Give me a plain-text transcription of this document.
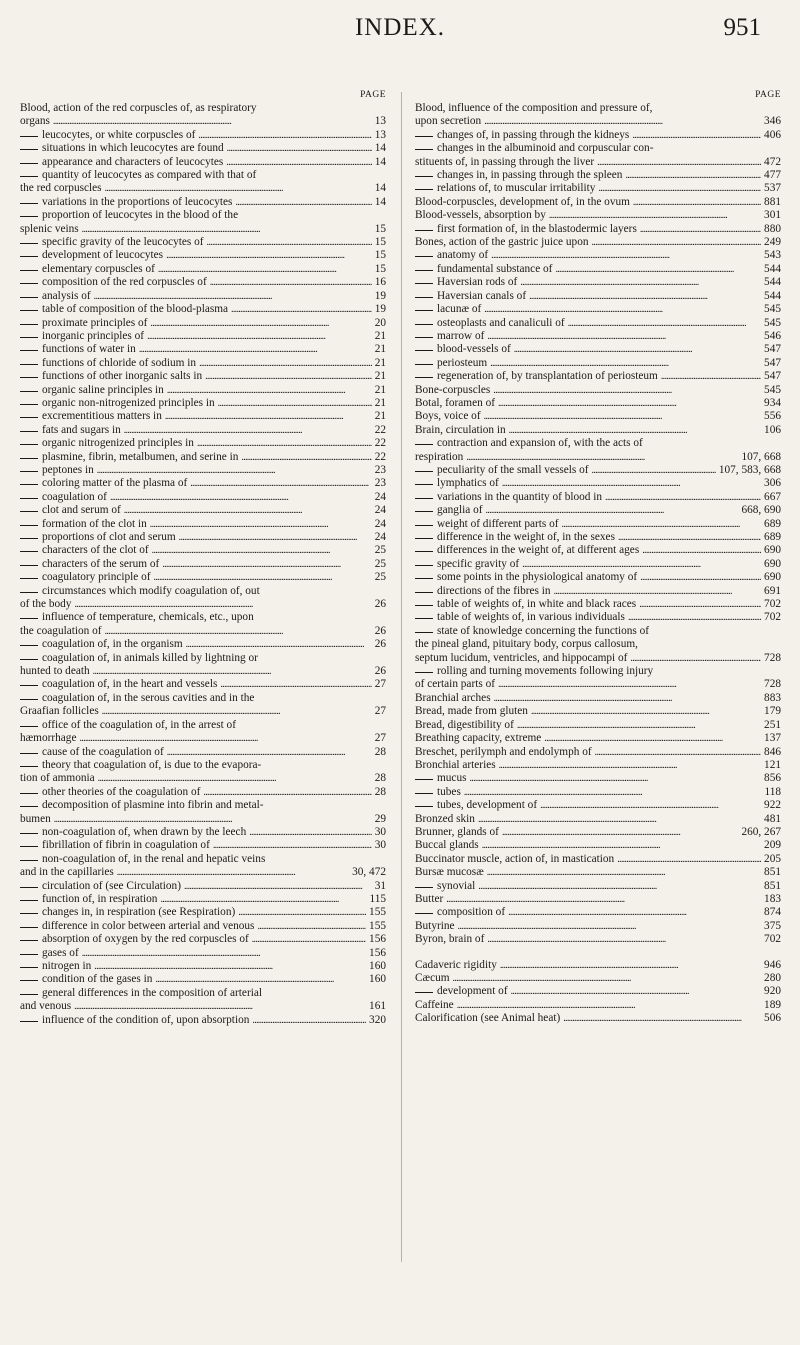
INDEX.	951
PAGE
Blood, action of the red corpuscles of, as respiratory
organs . . .	13
leucocytes, or white corpuscles of . . .	13
situations in which leucocytes are found . . .	14
appearance and characters of leucocytes . . .	14
quantity of leucocytes as compared with that of
the red corpuscles . . .	14
variations in the proportions of leucocytes . . .	14
proportion of leucocytes in the blood of the
splenic veins . . .	15
specific gravity of the leucocytes of . . .	15
development of leucocytes . . .	15
elementary corpuscles of . . .	15
composition of the red corpuscles of . . .	16
analysis of . . .	19
table of composition of the blood-plasma . . .	19
proximate principles of . . .	20
inorganic principles of . . .	21
functions of water in . . .	21
functions of chloride of sodium in . . .	21
functions of other inorganic salts in . . .	21
organic saline principles in . . .	21
organic non-nitrogenized principles in . . .	21
excrementitious matters in . . .	21
fats and sugars in . . .	22
organic nitrogenized principles in . . .	22
plasmine, fibrin, metalbumen, and serine in . . .	22
peptones in . . .	23
coloring matter of the plasma of . . .	23
coagulation of . . .	24
clot and serum of . . .	24
formation of the clot in . . .	24
proportions of clot and serum . . .	24
characters of the clot of . . .	25
characters of the serum of . . .	25
coagulatory principle of . . .	25
circumstances which modify coagulation of, out
of the body . . .	26
influence of temperature, chemicals, etc., upon
the coagulation of . . .	26
coagulation of, in the organism . . .	26
coagulation of, in animals killed by lightning or
hunted to death . . .	26
coagulation of, in the heart and vessels . . .	27
coagulation of, in the serous cavities and in the
Graafian follicles . . .	27
office of the coagulation of, in the arrest of
hæmorrhage . . .	27
cause of the coagulation of . . .	28
theory that coagulation of, is due to the evapora-
tion of ammonia . . .	28
other theories of the coagulation of . . .	28
decomposition of plasmine into fibrin and metal-
bumen . . .	29
non-coagulation of, when drawn by the leech . . .	30
fibrillation of fibrin in coagulation of . . .	30
non-coagulation of, in the renal and hepatic veins
and in the capillaries . . .	30, 472
circulation of (see Circulation) . . .	31
function of, in respiration . . .	115
changes in, in respiration (see Respiration) . . .	155
difference in color between arterial and venous . . .	155
absorption of oxygen by the red corpuscles of . . .	156
gases of . . .	156
nitrogen in . . .	160
condition of the gases in . . .	160
general differences in the composition of arterial
and venous . . .	161
influence of the condition of, upon absorption . . .	320
PAGE
Blood, influence of the composition and pressure of,
upon secretion . . .	346
changes of, in passing through the kidneys . . .	406
changes in the albuminoid and corpuscular con-
stituents of, in passing through the liver . . .	472
changes in, in passing through the spleen . . .	477
relations of, to muscular irritability . . .	537
Blood-corpuscles, development of, in the ovum . . .	881
Blood-vessels, absorption by . . .	301
first formation of, in the blastodermic layers . . .	880
Bones, action of the gastric juice upon . . .	249
anatomy of . . .	543
fundamental substance of . . .	544
Haversian rods of . . .	544
Haversian canals of . . .	544
lacunæ of . . .	545
osteoplasts and canaliculi of . . .	545
marrow of . . .	546
blood-vessels of . . .	547
periosteum . . .	547
regeneration of, by transplantation of periosteum . . .	547
Bone-corpuscles . . .	545
Botal, foramen of . . .	934
Boys, voice of . . .	556
Brain, circulation in . . .	106
contraction and expansion of, with the acts of
respiration . . .	107, 668
peculiarity of the small vessels of . . .	107, 583, 668
lymphatics of . . .	306
variations in the quantity of blood in . . .	667
ganglia of . . .	668, 690
weight of different parts of . . .	689
difference in the weight of, in the sexes . . .	689
differences in the weight of, at different ages . . .	690
specific gravity of . . .	690
some points in the physiological anatomy of . . .	690
directions of the fibres in . . .	691
table of weights of, in white and black races . . .	702
table of weights of, in various individuals . . .	702
state of knowledge concerning the functions of
the pineal gland, pituitary body, corpus callosum,
septum lucidum, ventricles, and hippocampi of . . .	728
rolling and turning movements following injury
of certain parts of . . .	728
Branchial arches . . .	883
Bread, made from gluten . . .	179
Bread, digestibility of . . .	251
Breathing capacity, extreme . . .	137
Breschet, perilymph and endolymph of . . .	846
Bronchial arteries . . .	121
mucus . . .	856
tubes . . .	118
tubes, development of . . .	922
Bronzed skin . . .	481
Brunner, glands of . . .	260, 267
Buccal glands . . .	209
Buccinator muscle, action of, in mastication . . .	205
Bursæ mucosæ . . .	851
synovial . . .	851
Butter . . .	183
composition of . . .	874
Butyrine . . .	375
Byron, brain of . . .	702
Cadaveric rigidity . . .	946
Cæcum . . .	280
development of . . .	920
Caffeine . . .	189
Calorification (see Animal heat) . . .	506
